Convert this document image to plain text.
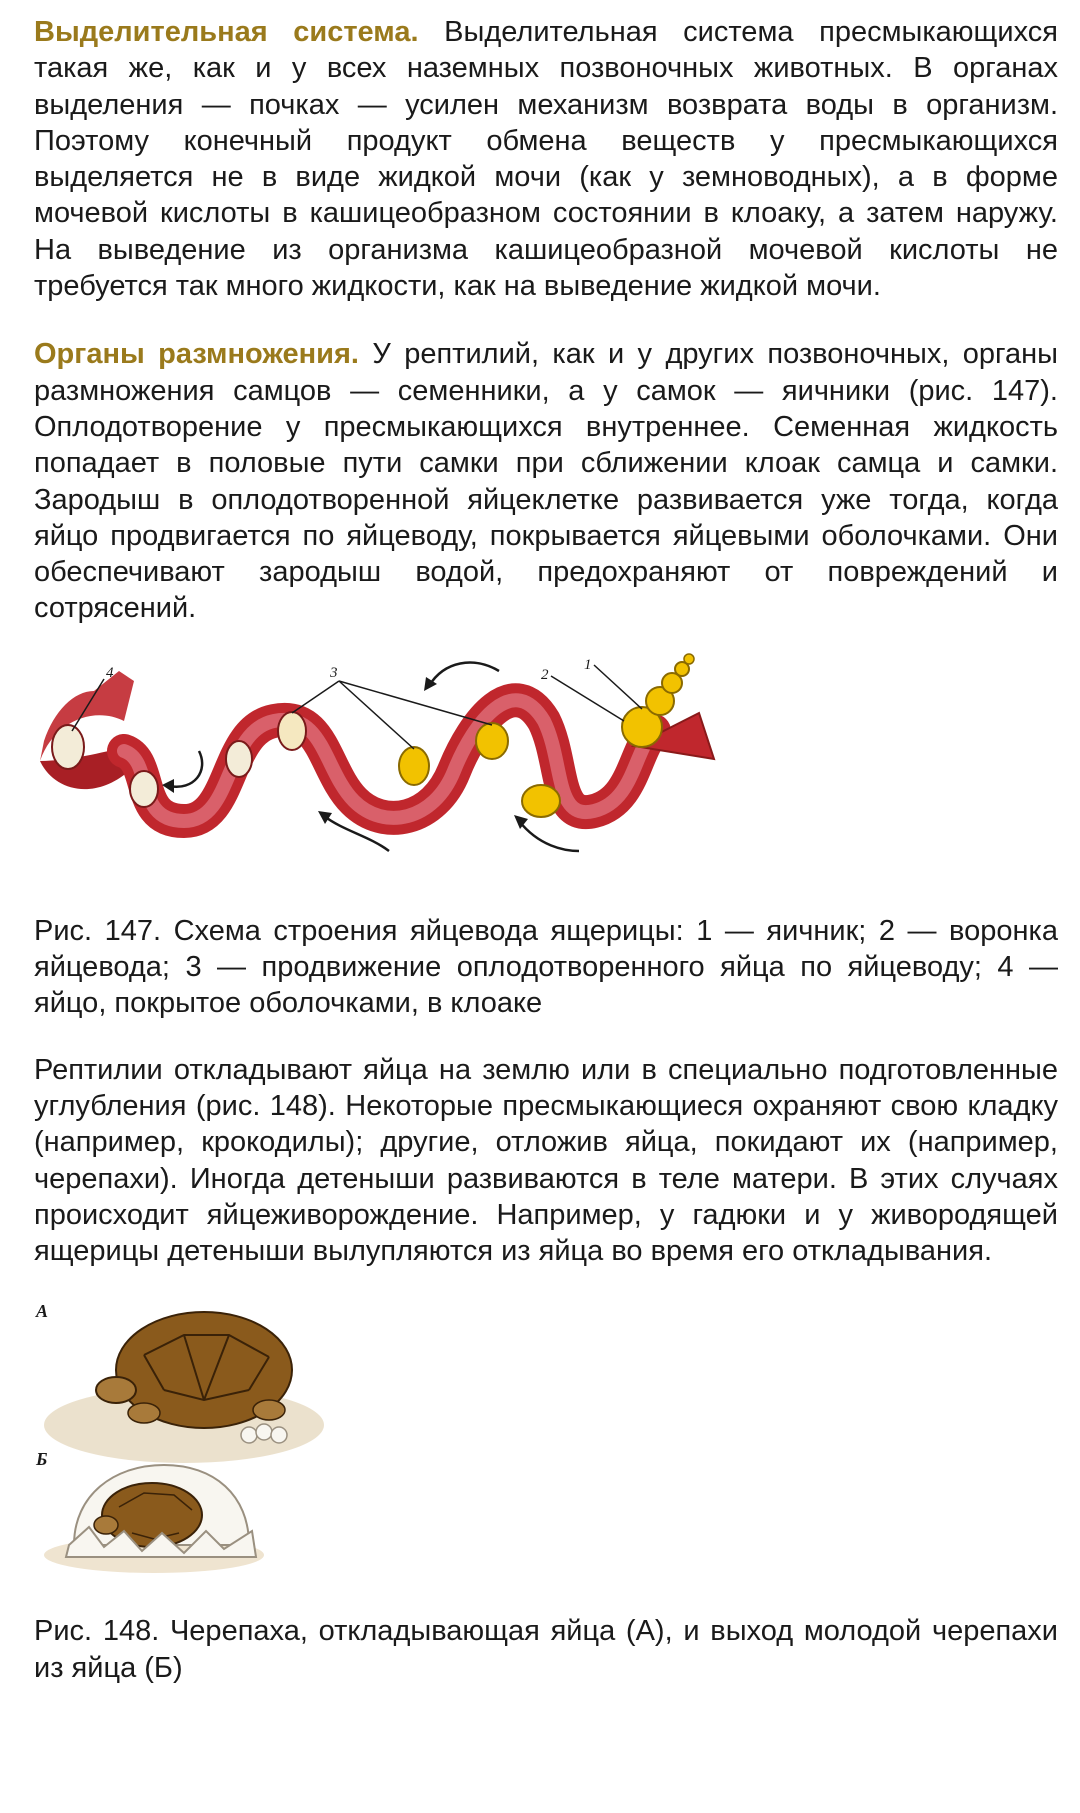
Выделительная система. Выделительная система пресмыкающихся такая же, как и у всех наземных позвоночных животных. В органах выделения — почках — усилен механизм возврата воды в организм. Поэтому конечный продукт обмена веществ у пресмыкающихся выделяется не в виде жидкой мочи (как у земноводных), а в форме мочевой кислоты в кашицеобразном состоянии в клоаку, а затем наружу. На выведение из организма кашицеобразной мочевой кислоты не требуется так много жидкости, как на выведение жидкой мочи.

Органы размножения. У рептилий, как и у других позвоночных, органы размножения самцов — семенники, а у самок — яичники (рис. 147). Оплодотворение у пресмыкающихся внутреннее. Семенная жидкость попадает в половые пути самки при сближении клоак самца и самки. Зародыш в оплодотворенной яйцеклетке развивается уже тогда, когда яйцо продвигается по яйцеводу, покрывается яйцевыми оболочками. Они обеспечивают зародыш водой, предохраняют от повреждений и сотрясений.

1
2
3
4

Рис. 147. Схема строения яйцевода ящерицы: 1 — яичник; 2 — воронка яйцевода; 3 — продвижение оплодотворенного яйца по яйцеводу; 4 — яйцо, покрытое оболочками, в клоаке

Рептилии откладывают яйца на землю или в специально подготовленные углубления (рис. 148). Некоторые пресмыкающиеся охраняют свою кладку (например, крокодилы); другие, отложив яйца, покидают их (например, черепахи). Иногда детеныши развиваются в теле матери. В этих случаях происходит яйцеживорождение. Например, у гадюки и у живородящей ящерицы детеныши вылупляются из яйца во время его откладывания.

А
Б

Рис. 148. Черепаха, откладывающая яйца (А), и выход молодой черепахи из яйца (Б)
